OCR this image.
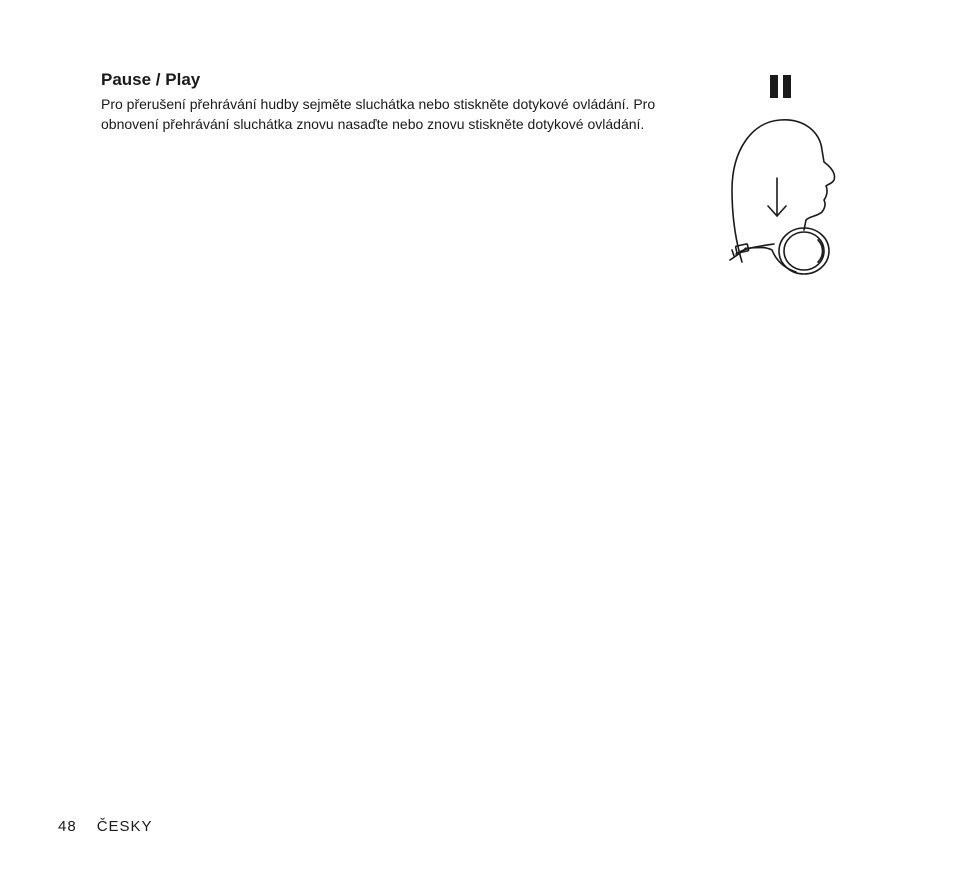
Pause / Play

Pro přerušení přehrávání hudby sejměte sluchátka nebo stiskněte dotykové ovládání. Pro obnovení přehrávání sluchátka znovu nasaďte nebo znovu stiskněte dotykové ovládání.

48 ČESKY
